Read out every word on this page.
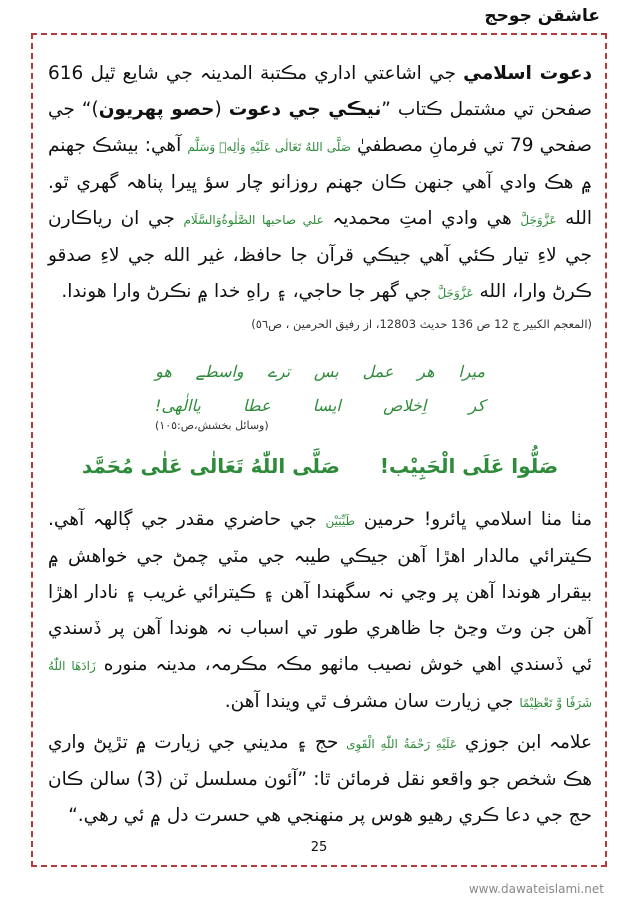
عاشقن جوحج

دعوت اسلامي جي اشاعتي اداري مڪتبة المدينہ جي شايع ٿيل 616 صفحن تي مشتمل ڪتاب ”نيڪي جي دعوت (حصو پهريون)“ جي صفحي 79 تي فرمانِ مصطفيٰ صَلَّى اللهُ تَعَالٰى عَلَيْهِ وَاٰلِهٖ وَسَلَّم آهي: بيشڪ جهنم ۾ هڪ وادي آهي جنهن ڪان جهنم روزانو چار سؤ ڀيرا پناهہ گهري ٿو. الله عَزَّوَجَلَّ هي وادي امتِ محمديہ علي صاحبها الصَّلٰوةُوَالسَّلَام جي ان رياڪارن جي لاءِ تيار ڪئي آهي جيڪي قرآن جا حافظ، غير الله جي لاءِ صدقو ڪرڻ وارا، الله عَزَّوَجَلَّ جي گهر جا حاجي، ۽ راهِ خدا ۾ نڪرڻ وارا هوندا.

(المعجم الكبير ج 12 ص 136 حديث 12803، از رفيق الحرمين ، ص٥٦)

ميرا
هر
عمل
بس
ترے
واسطے
هو
کر
اِخلاص
ايسا
عطا
ياالٰهی!
(وسائل بخشش،ص:١٠٥)
صَلُّوا عَلَى الْحَبِيْب!
صَلَّى اللّٰهُ تَعَالٰى عَلٰى مُحَمَّد

مٺا مٺا اسلامي ڀائرو! حرمين طَيِّبَيْن جي حاضري مقدر جي ڳالهہ آهي. ڪيترائي مالدار اهڙا آهن جيڪي طيبہ جي مٽي چمڻ جي خواهش ۾ بيقرار هوندا آهن پر وڃي نہ سگهندا آهن ۽ ڪيترائي غريب ۽ نادار اهڙا آهن جن وٽ وڃڻ جا ظاهري طور تي اسباب نہ هوندا آهن پر ڏسندي ئي ڏسندي اهي خوش نصيب ماٺهو مڪہ مڪرمہ، مدينہ منوره زَادَهَا اللّٰهُ شَرَفًا وَّ تَعْظِيْمًا جي زيارت سان مشرف ٿي ويندا آهن.

علامہ ابن جوزي عَلَيْهِ رَحْمَةُ اللّٰهِ الْقَوِی حج ۽ مديني جي زيارت ۾ تڙپڻ واري هڪ شخص جو واقعو نقل فرمائن ٿا: ”آئون مسلسل ٽن (3) سالن ڪان حج جي دعا ڪري رهيو هوس پر منهنجي هي حسرت دل ۾ ئي رهي.“

25
www.dawateislami.net
